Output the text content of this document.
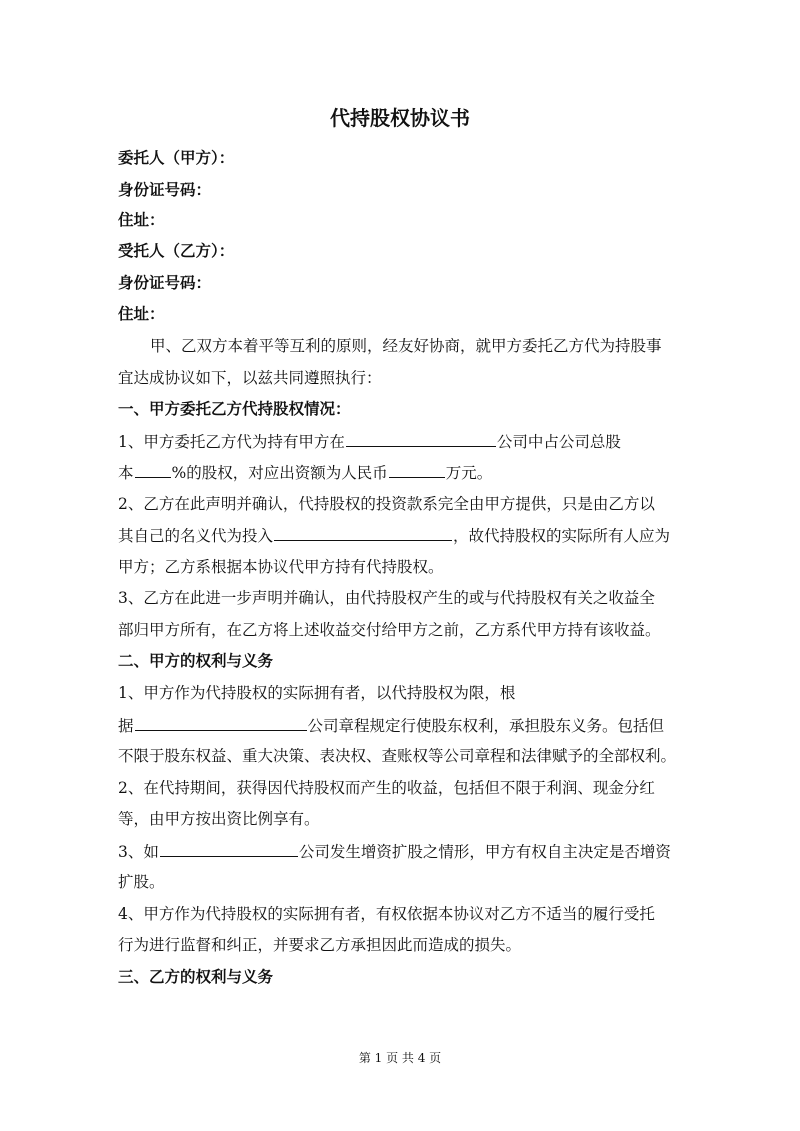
代持股权协议书
委托人（甲方）：
身份证号码：
住址：
受托人（乙方）：
身份证号码：
住址：
甲、乙双方本着平等互利的原则，经友好协商，就甲方委托乙方代为持股事
宜达成协议如下，以兹共同遵照执行：
一、甲方委托乙方代持股权情况：
1、甲方委托乙方代为持有甲方在	公司中占公司总股
本 %的股权，对应出资额为人民币	万元。
2、乙方在此声明并确认，代持股权的投资款系完全由甲方提供，只是由乙方以
其自己的名义代为投入	，故代持股权的实际所有人应为
甲方；乙方系根据本协议代甲方持有代持股权。
3、乙方在此进一步声明并确认，由代持股权产生的或与代持股权有关之收益全
部归甲方所有，在乙方将上述收益交付给甲方之前，乙方系代甲方持有该收益。
二、甲方的权利与义务
1、甲方作为代持股权的实际拥有者，以代持股权为限，根
据	公司章程规定行使股东权利，承担股东义务。包括但
不限于股东权益、重大决策、表决权、查账权等公司章程和法律赋予的全部权利。
2、在代持期间，获得因代持股权而产生的收益，包括但不限于利润、现金分红
等，由甲方按出资比例享有。
3、如	公司发生增资扩股之情形，甲方有权自主决定是否增资
扩股。
4、甲方作为代持股权的实际拥有者，有权依据本协议对乙方不适当的履行受托
行为进行监督和纠正，并要求乙方承担因此而造成的损失。
三、乙方的权利与义务
第 1 页 共 4 页
